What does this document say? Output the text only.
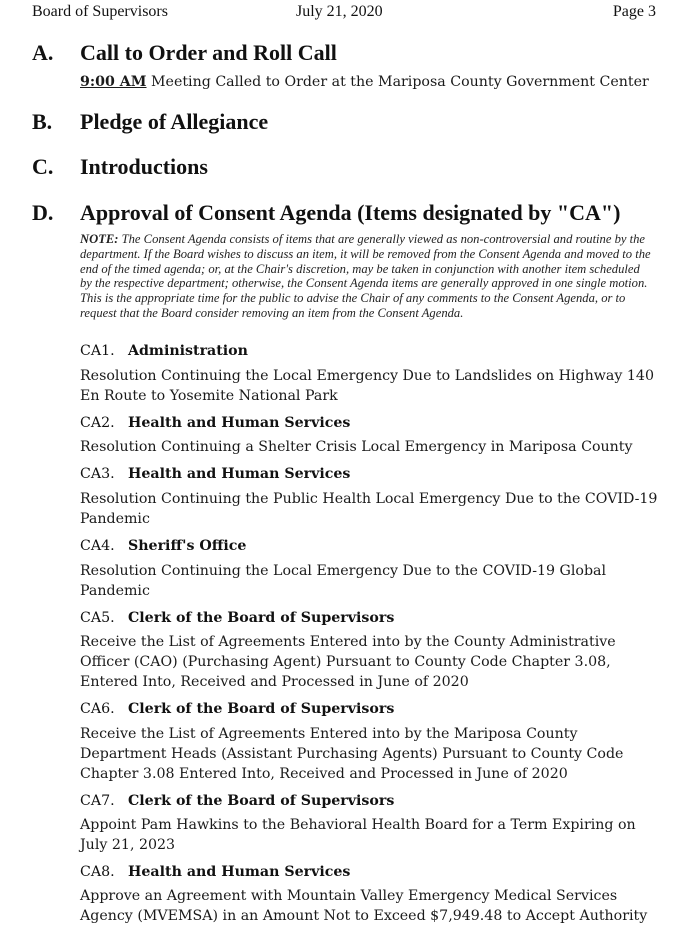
Board of Supervisors	July 21, 2020	Page 3
A. Call to Order and Roll Call
9:00 AM Meeting Called to Order at the Mariposa County Government Center
B. Pledge of Allegiance
C. Introductions
D. Approval of Consent Agenda (Items designated by "CA")
NOTE: The Consent Agenda consists of items that are generally viewed as non-controversial and routine by the department. If the Board wishes to discuss an item, it will be removed from the Consent Agenda and moved to the end of the timed agenda; or, at the Chair's discretion, may be taken in conjunction with another item scheduled by the respective department; otherwise, the Consent Agenda items are generally approved in one single motion. This is the appropriate time for the public to advise the Chair of any comments to the Consent Agenda, or to request that the Board consider removing an item from the Consent Agenda.
CA1. Administration
Resolution Continuing the Local Emergency Due to Landslides on Highway 140
En Route to Yosemite National Park
CA2. Health and Human Services
Resolution Continuing a Shelter Crisis Local Emergency in Mariposa County
CA3. Health and Human Services
Resolution Continuing the Public Health Local Emergency Due to the COVID-19
Pandemic
CA4. Sheriff's Office
Resolution Continuing the Local Emergency Due to the COVID-19 Global
Pandemic
CA5. Clerk of the Board of Supervisors
Receive the List of Agreements Entered into by the County Administrative
Officer (CAO) (Purchasing Agent) Pursuant to County Code Chapter 3.08,
Entered Into, Received and Processed in June of 2020
CA6. Clerk of the Board of Supervisors
Receive the List of Agreements Entered into by the Mariposa County
Department Heads (Assistant Purchasing Agents) Pursuant to County Code
Chapter 3.08 Entered Into, Received and Processed in June of 2020
CA7. Clerk of the Board of Supervisors
Appoint Pam Hawkins to the Behavioral Health Board for a Term Expiring on
July 21, 2023
CA8. Health and Human Services
Approve an Agreement with Mountain Valley Emergency Medical Services
Agency (MVEMSA) in an Amount Not to Exceed $7,949.48 to Accept Authority
